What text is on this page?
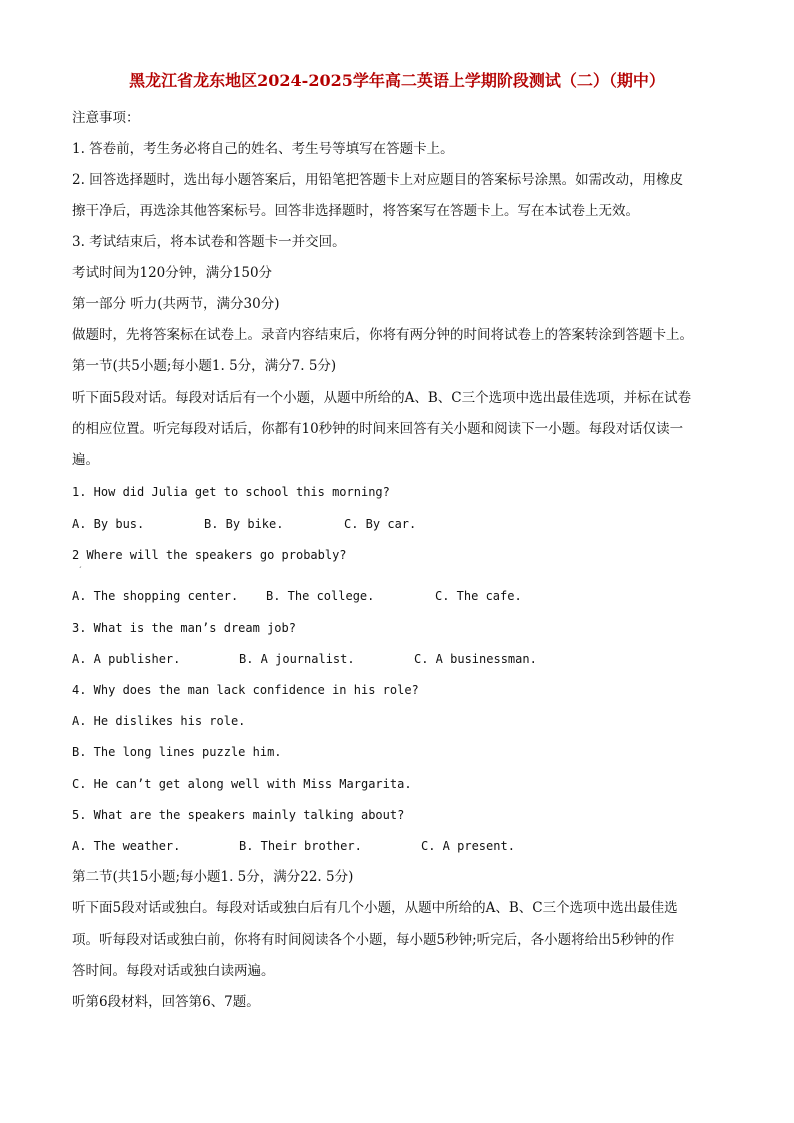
黑龙江省龙东地区2024-2025学年高二英语上学期阶段测试（二）（期中）
注意事项：
1. 答卷前，考生务必将自己的姓名、考生号等填写在答题卡上。
2. 回答选择题时，选出每小题答案后，用铅笔把答题卡上对应题目的答案标号涂黑。如需改动，用橡皮
擦干净后，再选涂其他答案标号。回答非选择题时，将答案写在答题卡上。写在本试卷上无效。
3. 考试结束后，将本试卷和答题卡一并交回。
考试时间为120分钟，满分150分
第一部分 听力(共两节，满分30分)
做题时，先将答案标在试卷上。录音内容结束后，你将有两分钟的时间将试卷上的答案转涂到答题卡上。
第一节(共5小题;每小题1. 5分，满分7. 5分)
听下面5段对话。每段对话后有一个小题，从题中所给的A、B、C三个选项中选出最佳选项，并标在试卷
的相应位置。听完每段对话后，你都有10秒钟的时间来回答有关小题和阅读下一小题。每段对话仅读一
遍。
1. How did Julia get to school this morning?
A. By bus.	B. By bike.	C. By car.
2 Where will the speakers go probably?
ˊ
A. The shopping center. B. The college.	C. The cafe.
3. What is the man’s dream job?
A. A publisher.	B. A journalist.	C. A businessman.
4. Why does the man lack confidence in his role?
A. He dislikes his role.
B. The long lines puzzle him.
C. He can’t get along well with Miss Margarita.
5. What are the speakers mainly talking about?
A. The weather.	B. Their brother.	C. A present.
第二节(共15小题;每小题1. 5分，满分22. 5分)
听下面5段对话或独白。每段对话或独白后有几个小题，从题中所给的A、B、C三个选项中选出最佳选
项。听每段对话或独白前，你将有时间阅读各个小题，每小题5秒钟;听完后，各小题将给出5秒钟的作
答时间。每段对话或独白读两遍。
听第6段材料，回答第6、7题。
